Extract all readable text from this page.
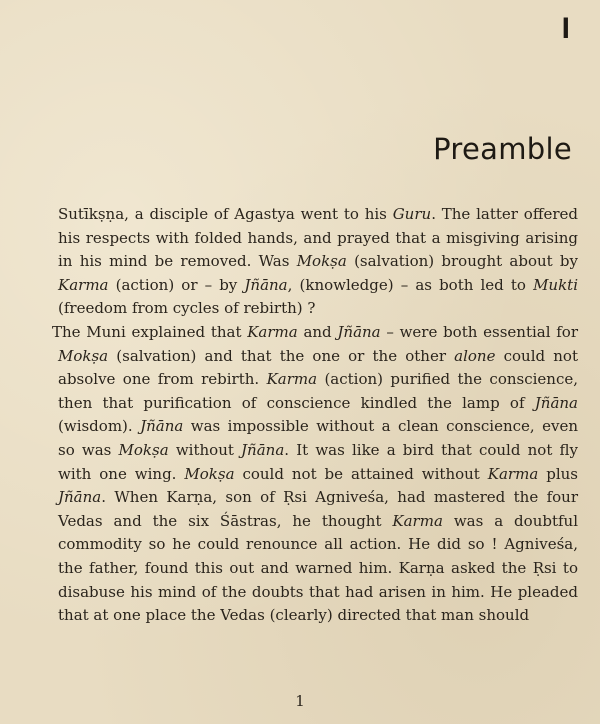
I
Preamble

Sutīkṣṇa, a disciple of Agastya went to his Guru. The latter offered his respects with folded hands, and prayed that a misgiving arising in his mind be removed. Was Mokṣa (salvation) brought about by Karma (action) or – by Jñāna, (knowledge) – as both led to Mukti (freedom from cycles of rebirth) ?

The Muni explained that Karma and Jñāna – were both essential for Mokṣa (salvation) and that the one or the other alone could not absolve one from rebirth. Karma (action) purified the conscience, then that purification of conscience kindled the lamp of Jñāna (wisdom). Jñāna was impossible without a clean conscience, even so was Mokṣa without Jñāna. It was like a bird that could not fly with one wing. Mokṣa could not be attained without Karma plus Jñāna. When Karṇa, son of Ṛsi Agniveśa, had mastered the four Vedas and the six Śāstras, he thought Karma was a doubtful commodity so he could renounce all action. He did so ! Agniveśa, the father, found this out and warned him. Karṇa asked the Ṛsi to disabuse his mind of the doubts that had arisen in him. He pleaded that at one place the Vedas (clearly) directed that man should

1
